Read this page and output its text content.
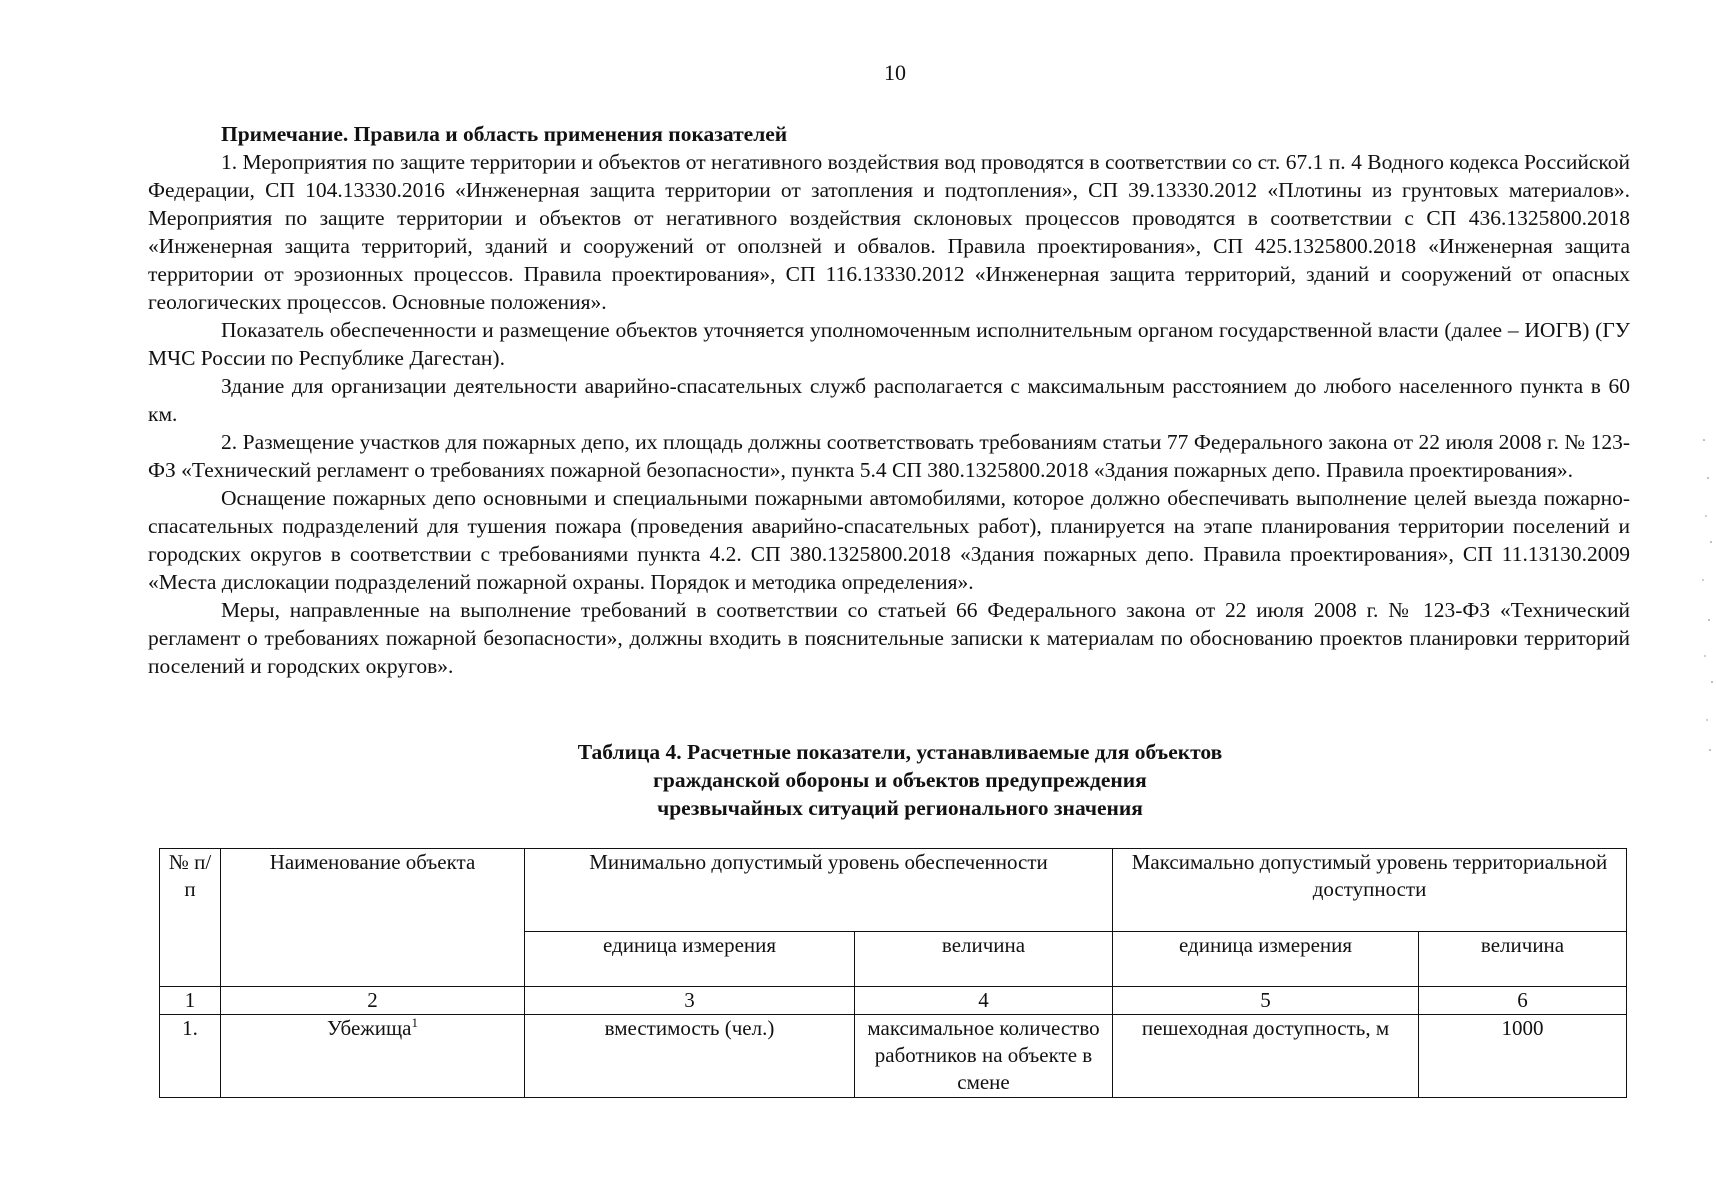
10

Примечание. Правила и область применения показателей

1. Мероприятия по защите территории и объектов от негативного воздействия вод проводятся в соответствии со ст. 67.1 п. 4 Водного кодекса Российской Федерации, СП 104.13330.2016 «Инженерная защита территории от затопления и подтопления», СП 39.13330.2012 «Плотины из грунтовых материалов». Мероприятия по защите территории и объектов от негативного воздействия склоновых процессов проводятся в соответствии с СП 436.1325800.2018 «Инженерная защита территорий, зданий и сооружений от оползней и обвалов. Правила проектирования», СП 425.1325800.2018 «Инженерная защита территории от эрозионных процессов. Правила проектирования», СП 116.13330.2012 «Инженерная защита территорий, зданий и сооружений от опасных геологических процессов. Основные положения».

Показатель обеспеченности и размещение объектов уточняется уполномоченным исполнительным органом государственной власти (далее – ИОГВ) (ГУ МЧС России по Республике Дагестан).

Здание для организации деятельности аварийно-спасательных служб располагается с максимальным расстоянием до любого населенного пункта в 60 км.

2. Размещение участков для пожарных депо, их площадь должны соответствовать требованиям статьи 77 Федерального закона от 22 июля 2008 г. № 123-ФЗ «Технический регламент о требованиях пожарной безопасности», пункта 5.4 СП 380.1325800.2018 «Здания пожарных депо. Правила проектирования».

Оснащение пожарных депо основными и специальными пожарными автомобилями, которое должно обеспечивать выполнение целей выезда пожарно-спасательных подразделений для тушения пожара (проведения аварийно-спасательных работ), планируется на этапе планирования территории поселений и городских округов в соответствии с требованиями пункта 4.2. СП 380.1325800.2018 «Здания пожарных депо. Правила проектирования», СП 11.13130.2009 «Места дислокации подразделений пожарной охраны. Порядок и методика определения».

Меры, направленные на выполнение требований в соответствии со статьей 66 Федерального закона от 22 июля 2008 г. № 123-ФЗ «Технический регламент о требованиях пожарной безопасности», должны входить в пояснительные записки к материалам по обоснованию проектов планировки территорий поселений и городских округов».

Таблица 4. Расчетные показатели, устанавливаемые для объектов
гражданской обороны и объектов предупреждения
чрезвычайных ситуаций регионального значения
№ п/п	Наименование объекта	Минимально допустимый уровень обеспеченности		Максимально допустимый уровень территориальной доступности	
		единица измерения	величина	единица измерения	величина
1	2	3	4	5	6
1.	Убежища$^1$	вместимость (чел.)	максимальное количество работников на объекте в смене	пешеходная доступность, м	1000
